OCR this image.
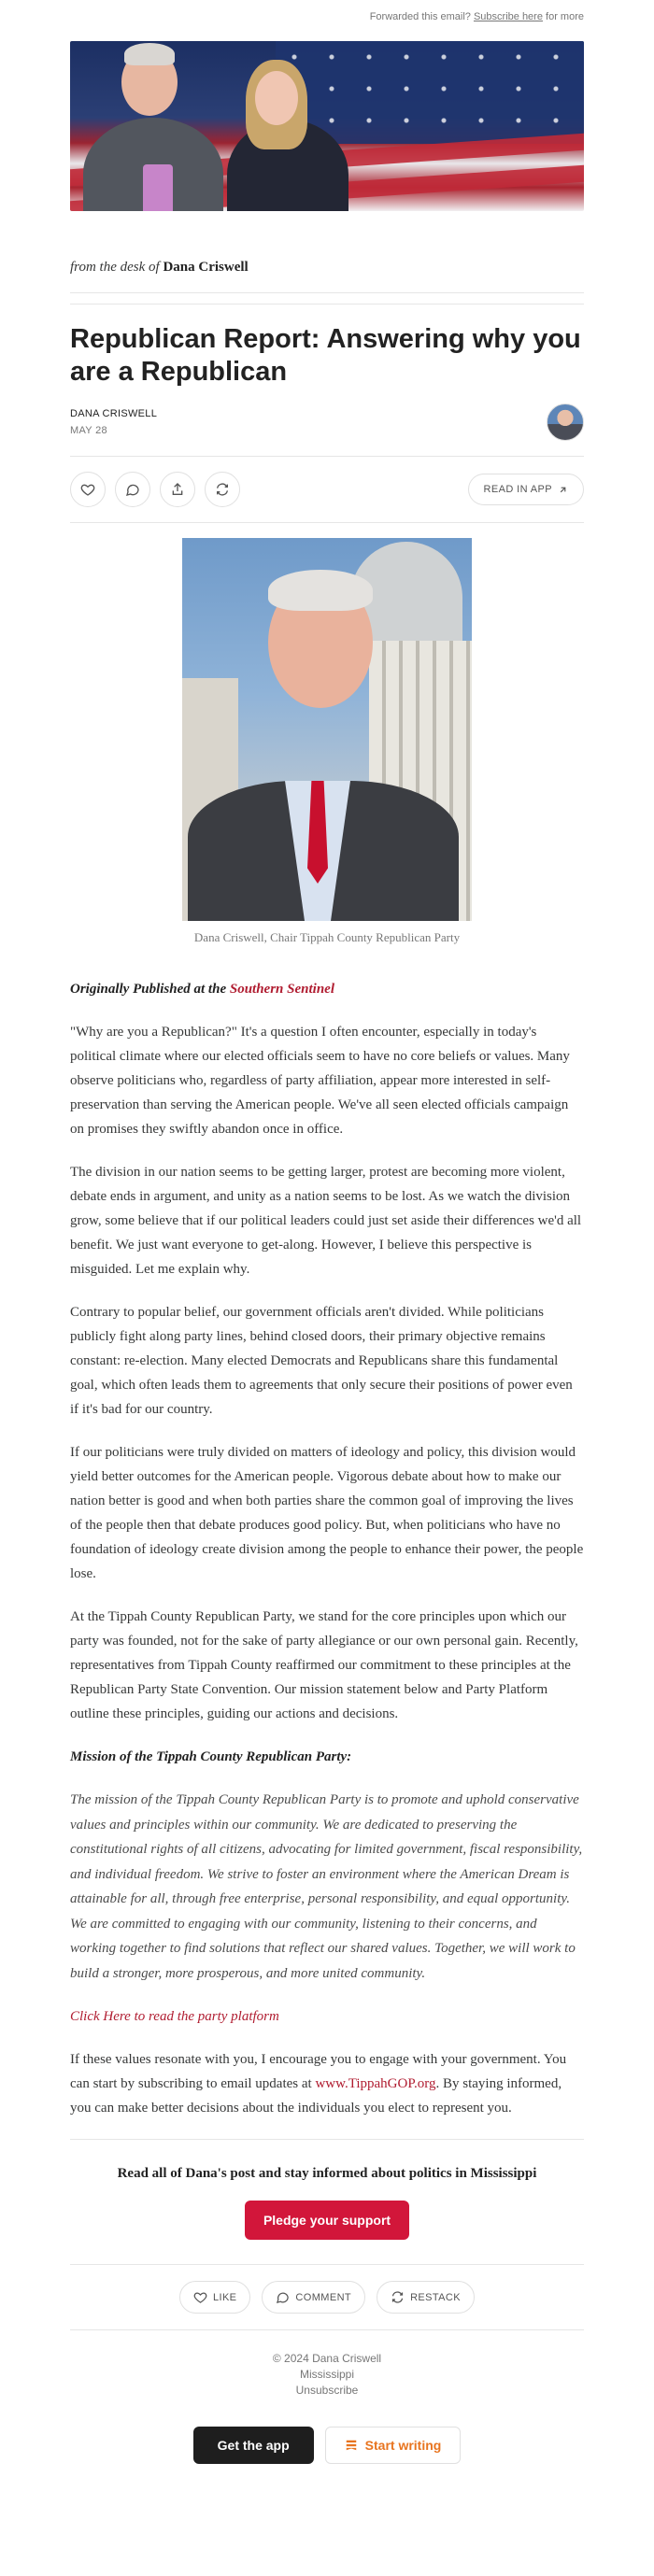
Forwarded this email? Subscribe here for more
from the desk of Dana Criswell
Republican Report: Answering why you are a Republican
DANA CRISWELL
MAY 28
READ IN APP
Dana Criswell, Chair Tippah County Republican Party

Originally Published at the Southern Sentinel

"Why are you a Republican?" It's a question I often encounter, especially in today's political climate where our elected officials seem to have no core beliefs or values. Many observe politicians who, regardless of party affiliation, appear more interested in self-preservation than serving the American people. We've all seen elected officials campaign on promises they swiftly abandon once in office.

The division in our nation seems to be getting larger, protest are becoming more violent, debate ends in argument, and unity as a nation seems to be lost. As we watch the division grow, some believe that if our political leaders could just set aside their differences we'd all benefit. We just want everyone to get-along. However, I believe this perspective is misguided. Let me explain why.

Contrary to popular belief, our government officials aren't divided. While politicians publicly fight along party lines, behind closed doors, their primary objective remains constant: re-election. Many elected Democrats and Republicans share this fundamental goal, which often leads them to agreements that only secure their positions of power even if it's bad for our country.

If our politicians were truly divided on matters of ideology and policy, this division would yield better outcomes for the American people. Vigorous debate about how to make our nation better is good and when both parties share the common goal of improving the lives of the people then that debate produces good policy. But, when politicians who have no foundation of ideology create division among the people to enhance their power, the people lose.

At the Tippah County Republican Party, we stand for the core principles upon which our party was founded, not for the sake of party allegiance or our own personal gain. Recently, representatives from Tippah County reaffirmed our commitment to these principles at the Republican Party State Convention. Our mission statement below and Party Platform outline these principles, guiding our actions and decisions.

Mission of the Tippah County Republican Party:

The mission of the Tippah County Republican Party is to promote and uphold conservative values and principles within our community. We are dedicated to preserving the constitutional rights of all citizens, advocating for limited government, fiscal responsibility, and individual freedom. We strive to foster an environment where the American Dream is attainable for all, through free enterprise, personal responsibility, and equal opportunity. We are committed to engaging with our community, listening to their concerns, and working together to find solutions that reflect our shared values. Together, we will work to build a stronger, more prosperous, and more united community.

Click Here to read the party platform

If these values resonate with you, I encourage you to engage with your government. You can start by subscribing to email updates at www.TippahGOP.org. By staying informed, you can make better decisions about the individuals you elect to represent you.

Read all of Dana's post and stay informed about politics in Mississippi
Pledge your support
LIKE	COMMENT	RESTACK
© 2024 Dana Criswell
Mississippi
Unsubscribe
Get the app	Start writing
